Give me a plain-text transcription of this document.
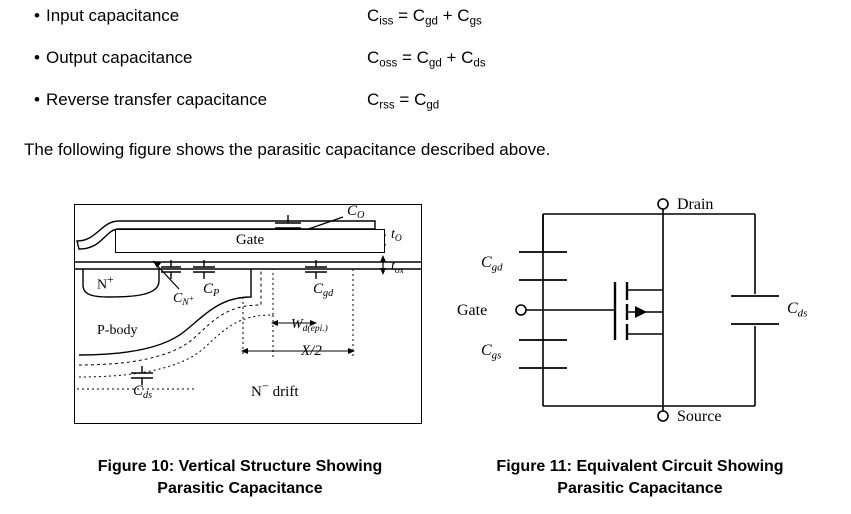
• Input capacitance	$C_{iss} = C_{gd} + C_{gs}$
• Output capacitance	$C_{oss} = C_{gd} + C_{ds}$
• Reverse transfer capacitance	$C_{rss} = C_{gd}$
The following figure shows the parasitic capacitance described above.
Gate
N+
P-body
N− drift
$C_O$
$t_O$
$t_{ox}$
$C_{N^+}$
$C_P$	$C_{gd}$
$W_{d(epi.)}$
X/2
$C_{ds}$
Gate
Drain
Source
$C_{gd}$
$C_{gs}$
$C_{ds}$
Figure 10: Vertical Structure Showing
Parasitic Capacitance
Figure 11: Equivalent Circuit Showing
Parasitic Capacitance
